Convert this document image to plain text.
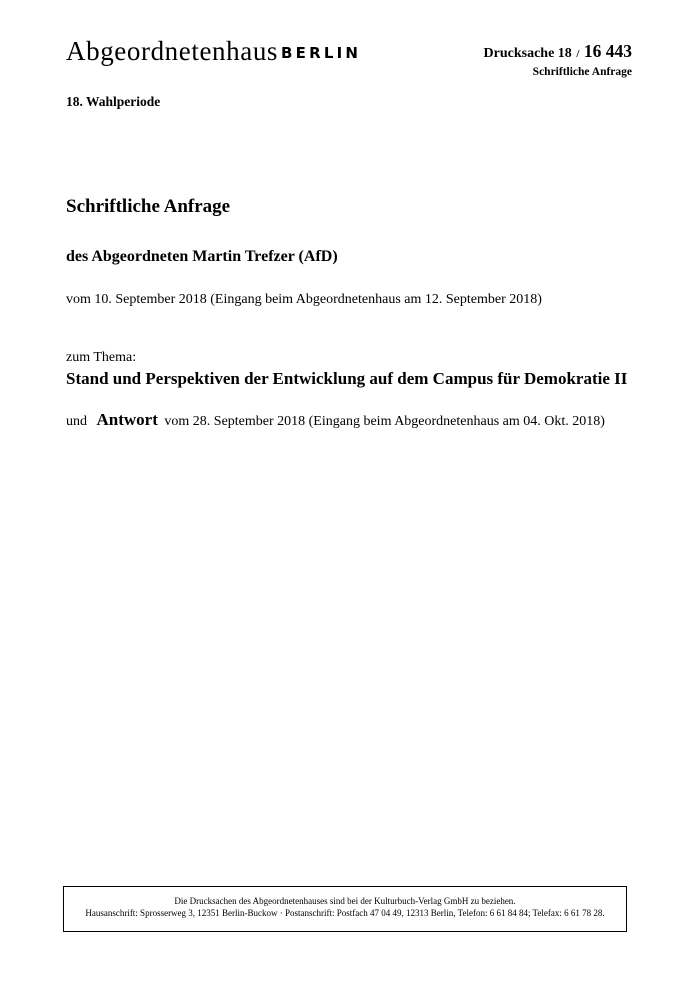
Abgeordnetenhaus BERLIN	Drucksache 18 / 16 443
Schriftliche Anfrage
18. Wahlperiode
Schriftliche Anfrage
des Abgeordneten Martin Trefzer (AfD)
vom 10. September 2018 (Eingang beim Abgeordnetenhaus am 12. September 2018)
zum Thema:
Stand und Perspektiven der Entwicklung auf dem Campus für Demokratie II
und Antwort vom 28. September 2018 (Eingang beim Abgeordnetenhaus am 04. Okt. 2018)
Die Drucksachen des Abgeordnetenhauses sind bei der Kulturbuch-Verlag GmbH zu beziehen.
Hausanschrift: Sprosserweg 3, 12351 Berlin-Buckow · Postanschrift: Postfach 47 04 49, 12313 Berlin, Telefon: 6 61 84 84; Telefax: 6 61 78 28.
